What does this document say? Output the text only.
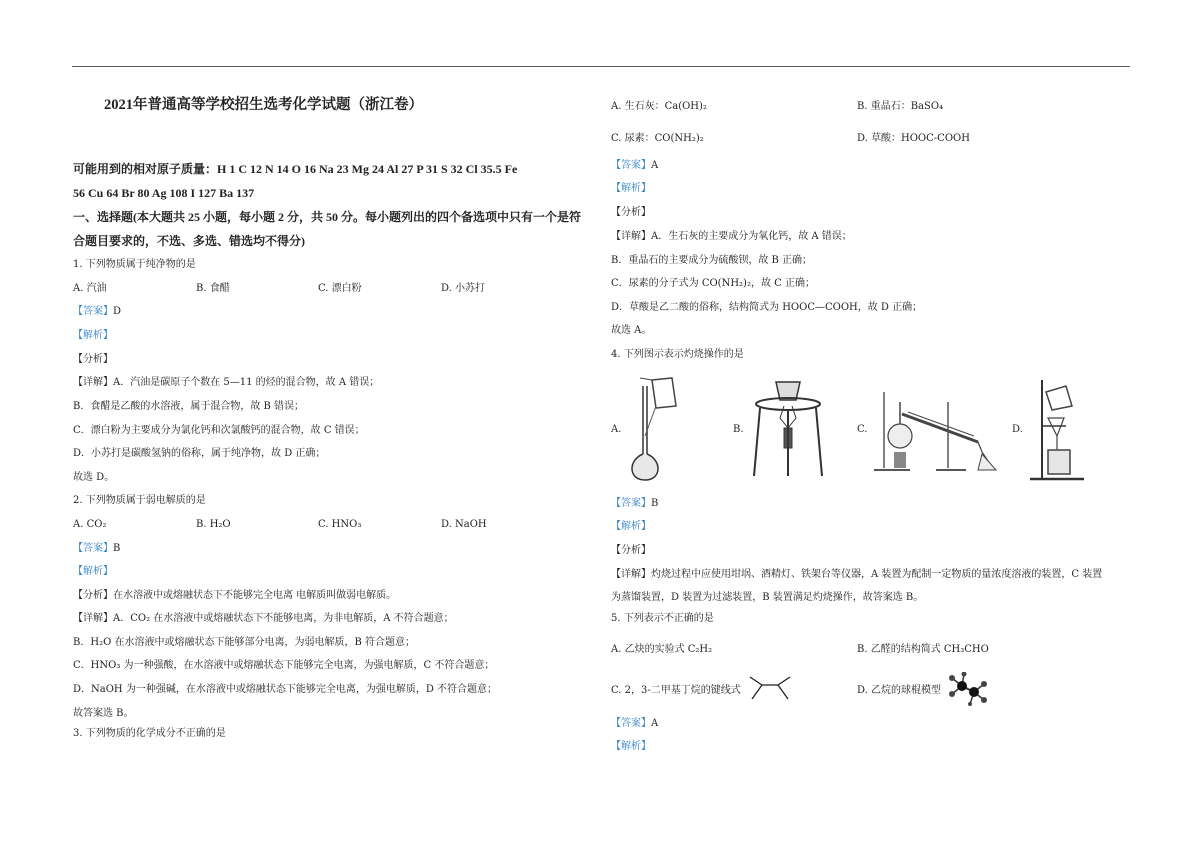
2021年普通高等学校招生选考化学试题（浙江卷）
可能用到的相对原子质量：H 1 C 12 N 14 O 16 Na 23 Mg 24 Al 27 P 31 S 32 Cl 35.5 Fe
56 Cu 64 Br 80 Ag 108 I 127 Ba 137
一、选择题(本大题共 25 小题，每小题 2 分，共 50 分。每小题列出的四个备选项中只有一个是符
合题目要求的，不选、多选、错选均不得分)
1. 下列物质属于纯净物的是
A. 汽油	B. 食醋	C. 漂白粉	D. 小苏打
【答案】D
【解析】
【分析】
【详解】A．汽油是碳原子个数在 5—11 的烃的混合物，故 A 错误；
B．食醋是乙酸的水溶液，属于混合物，故 B 错误；
C．漂白粉为主要成分为氯化钙和次氯酸钙的混合物，故 C 错误；
D．小苏打是碳酸氢钠的俗称，属于纯净物，故 D 正确；
故选 D。
2. 下列物质属于弱电解质的是
A. CO₂	B. H₂O	C. HNO₃	D. NaOH
【答案】B
【解析】
【分析】在水溶液中或熔融状态下不能够完全电离 电解质叫做弱电解质。
【详解】A．CO₂ 在水溶液中或熔融状态下不能够电离，为非电解质，A 不符合题意；
B．H₂O 在水溶液中或熔融状态下能够部分电离，为弱电解质，B 符合题意；
C．HNO₃ 为一种强酸，在水溶液中或熔融状态下能够完全电离，为强电解质，C 不符合题意；
D．NaOH 为一种强碱，在水溶液中或熔融状态下能够完全电离，为强电解质，D 不符合题意；
故答案选 B。
3. 下列物质的化学成分不正确的是
A. 生石灰：Ca(OH)₂	B. 重晶石：BaSO₄
C. 尿素：CO(NH₂)₂	D. 草酸：HOOC-COOH
【答案】A
【解析】
【分析】
【详解】A．生石灰的主要成分为氧化钙，故 A 错误；
B．重晶石的主要成分为硫酸钡，故 B 正确；
C．尿素的分子式为 CO(NH₂)₂，故 C 正确；
D．草酸是乙二酸的俗称，结构简式为 HOOC—COOH，故 D 正确；
故选 A。
4. 下列图示表示灼烧操作的是
A.	B.	C.	D.
【答案】B
【解析】
【分析】
【详解】灼烧过程中应使用坩埚、酒精灯、铁架台等仪器，A 装置为配制一定物质的量浓度溶液的装置，C 装置
为蒸馏装置，D 装置为过滤装置，B 装置满足灼烧操作，故答案选 B。
5. 下列表示不正确的是
A. 乙炔的实验式 C₂H₂	B. 乙醛的结构简式 CH₃CHO
C. 2，3-二甲基丁烷的键线式	D. 乙烷的球棍模型
【答案】A
【解析】
